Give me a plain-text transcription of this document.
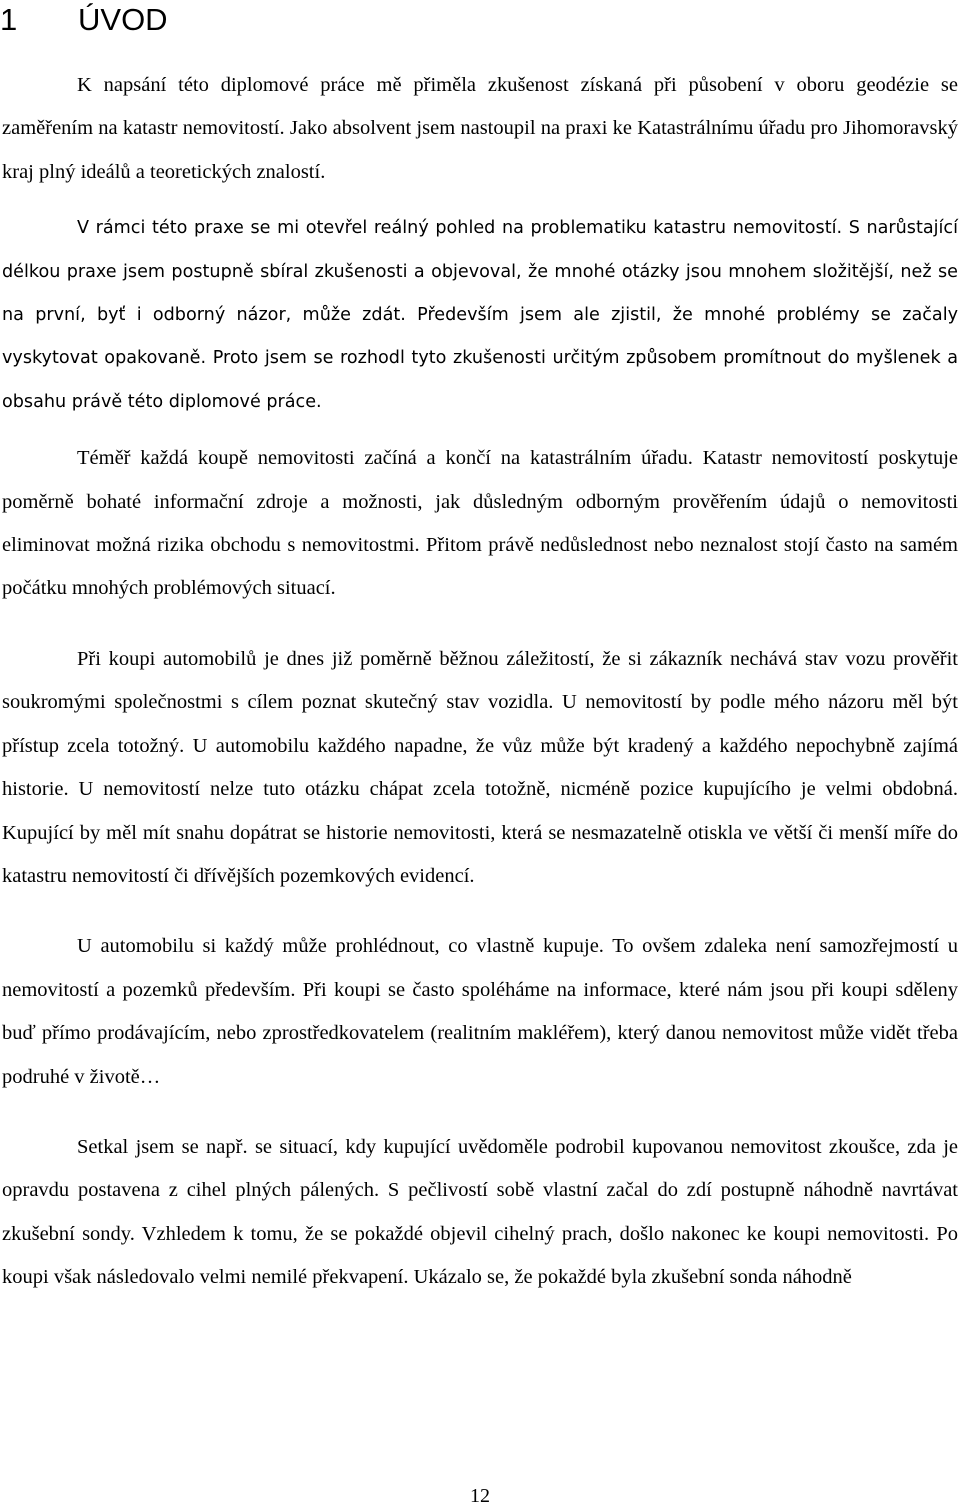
1 ÚVOD

K napsání této diplomové práce mě přiměla zkušenost získaná při působení v oboru geodézie se zaměřením na katastr nemovitostí. Jako absolvent jsem nastoupil na praxi ke Katastrálnímu úřadu pro Jihomoravský kraj plný ideálů a teoretických znalostí.

V rámci této praxe se mi otevřel reálný pohled na problematiku katastru nemovitostí. S narůstající délkou praxe jsem postupně sbíral zkušenosti a objevoval, že mnohé otázky jsou mnohem složitější, než se na první, byť i odborný názor, může zdát. Především jsem ale zjistil, že mnohé problémy se začaly vyskytovat opakovaně. Proto jsem se rozhodl tyto zkušenosti určitým způsobem promítnout do myšlenek a obsahu právě této diplomové práce.

Téměř každá koupě nemovitosti začíná a končí na katastrálním úřadu. Katastr nemovitostí poskytuje poměrně bohaté informační zdroje a možnosti, jak důsledným odborným prověřením údajů o nemovitosti eliminovat možná rizika obchodu s nemovitostmi. Přitom právě nedůslednost nebo neznalost stojí často na samém počátku mnohých problémových situací.

Při koupi automobilů je dnes již poměrně běžnou záležitostí, že si zákazník nechává stav vozu prověřit soukromými společnostmi s cílem poznat skutečný stav vozidla. U nemovitostí by podle mého názoru měl být přístup zcela totožný. U automobilu každého napadne, že vůz může být kradený a každého nepochybně zajímá historie. U nemovitostí nelze tuto otázku chápat zcela totožně, nicméně pozice kupujícího je velmi obdobná. Kupující by měl mít snahu dopátrat se historie nemovitosti, která se nesmazatelně otiskla ve větší či menší míře do katastru nemovitostí či dřívějších pozemkových evidencí.

U automobilu si každý může prohlédnout, co vlastně kupuje. To ovšem zdaleka není samozřejmostí u nemovitostí a pozemků především. Při koupi se často spoléháme na informace, které nám jsou při koupi sděleny buď přímo prodávajícím, nebo zprostředkovatelem (realitním makléřem), který danou nemovitost může vidět třeba podruhé v životě…

Setkal jsem se např. se situací, kdy kupující uvědoměle podrobil kupovanou nemovitost zkoušce, zda je opravdu postavena z cihel plných pálených. S pečlivostí sobě vlastní začal do zdí postupně náhodně navrtávat zkušební sondy. Vzhledem k tomu, že se pokaždé objevil cihelný prach, došlo nakonec ke koupi nemovitosti. Po koupi však následovalo velmi nemilé překvapení. Ukázalo se, že pokaždé byla zkušební sonda náhodně

12
